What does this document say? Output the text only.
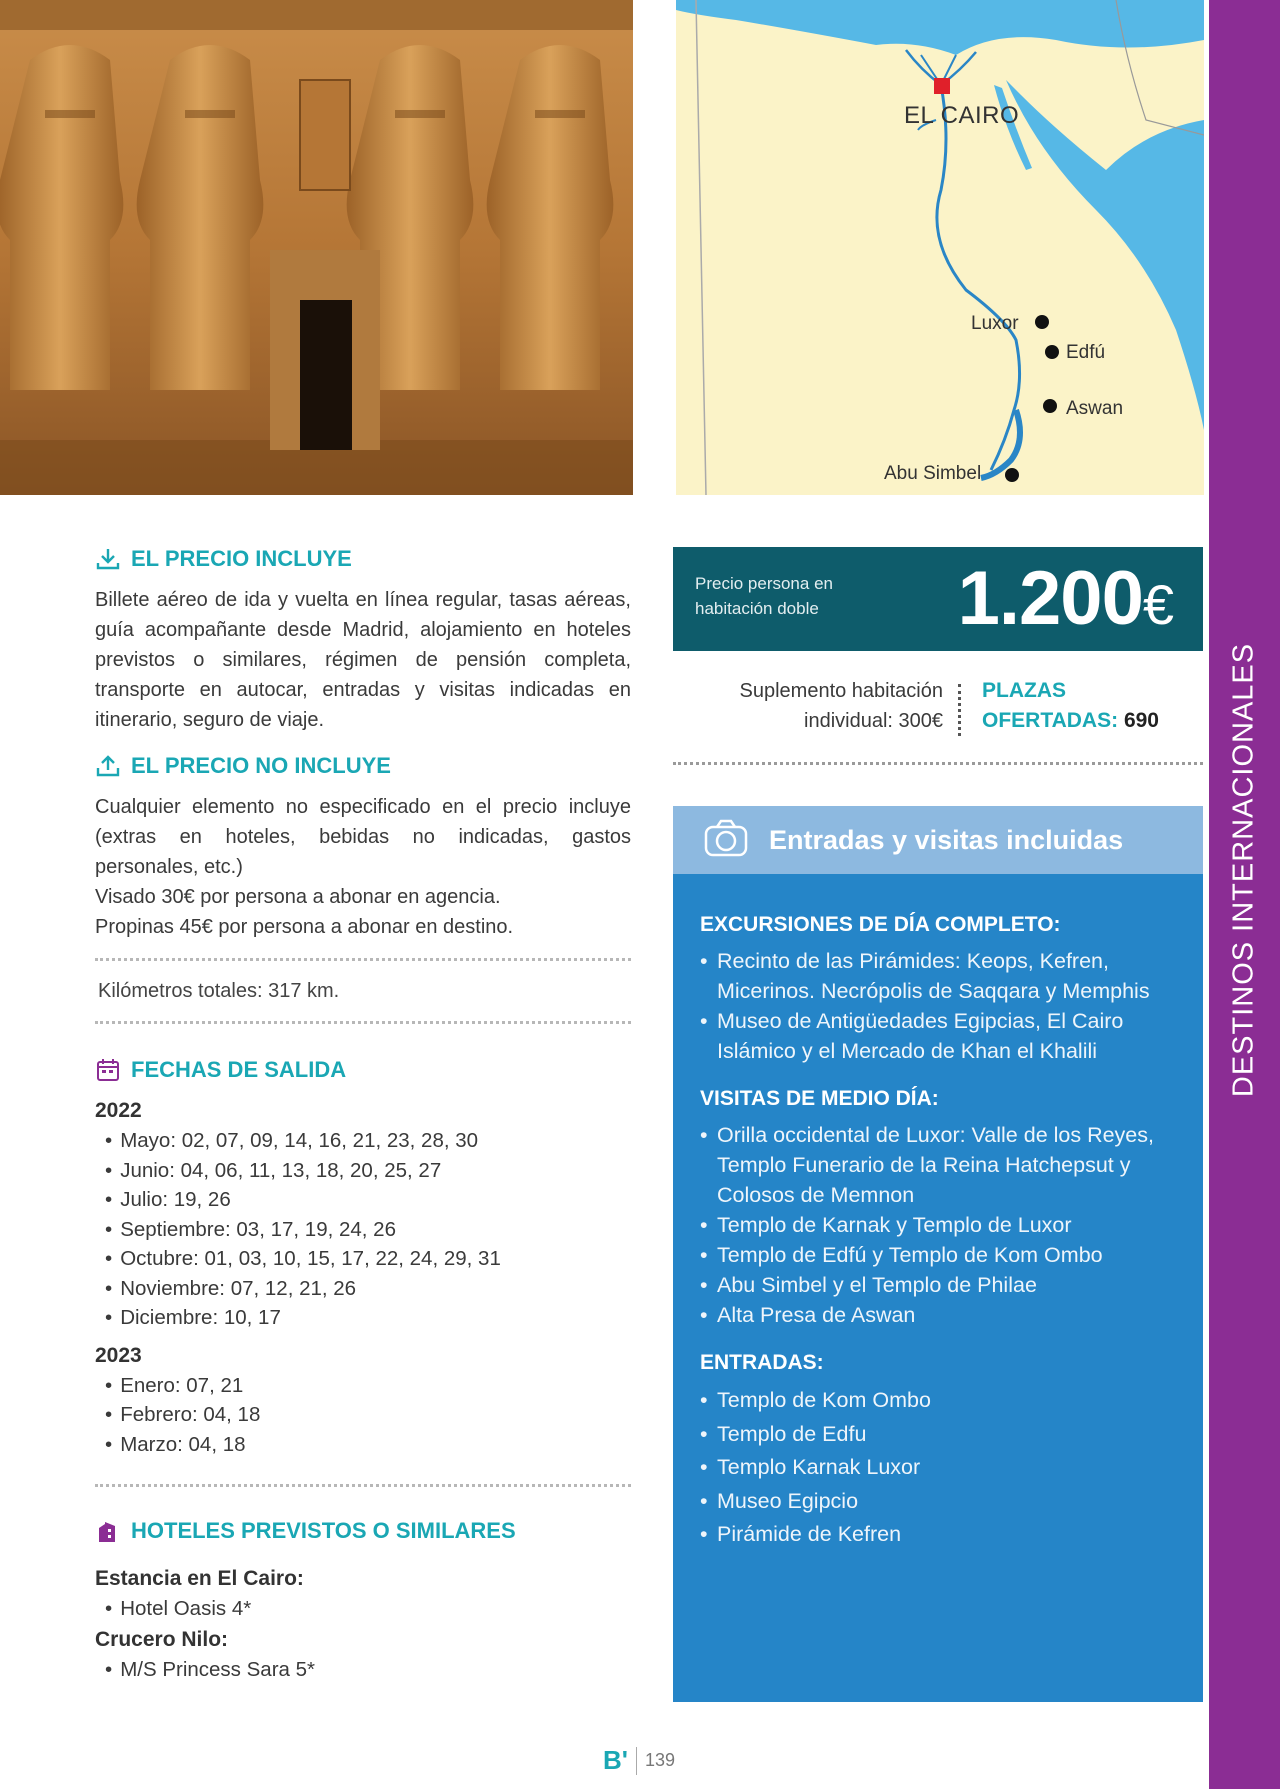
EL CAIRO
Luxor
Edfú
Aswan
Abu Simbel
DESTINOS INTERNACIONALES
EL PRECIO INCLUYE
Billete aéreo de ida y vuelta en línea regular, tasas aéreas, guía acompañante desde Madrid, alojamiento en hoteles previstos o similares, régimen de pensión completa, transporte en autocar, entradas y visitas indicadas en itinerario, seguro de viaje.
EL PRECIO NO INCLUYE

Cualquier elemento no especificado en el precio incluye (extras en hoteles, bebidas no indicadas, gastos personales, etc.)

Visado 30€ por persona a abonar en agencia.

Propinas 45€ por persona a abonar en destino.

Kilómetros totales: 317 km.
FECHAS DE SALIDA
2022
• Mayo: 02, 07, 09, 14, 16, 21, 23, 28, 30
• Junio: 04, 06, 11, 13, 18, 20, 25, 27
• Julio: 19, 26
• Septiembre: 03, 17, 19, 24, 26
• Octubre: 01, 03, 10, 15, 17, 22, 24, 29, 31
• Noviembre: 07, 12, 21, 26
• Diciembre: 10, 17
2023
• Enero: 07, 21
• Febrero: 04, 18
• Marzo: 04, 18
HOTELES PREVISTOS O SIMILARES
Estancia en El Cairo:
• Hotel Oasis 4*
Crucero Nilo:
• M/S Princess Sara 5*
Precio persona en habitación doble	1.200€
Suplemento habitación
individual: 300€
PLAZAS
OFERTADAS: 690
Entradas y visitas incluidas
EXCURSIONES DE DÍA COMPLETO:
• Recinto de las Pirámides: Keops, Kefren, Micerinos. Necrópolis de Saqqara y Memphis
• Museo de Antigüedades Egipcias, El Cairo Islámico y el Mercado de Khan el Khalili
VISITAS DE MEDIO DÍA:
• Orilla occidental de Luxor: Valle de los Reyes, Templo Funerario de la Reina Hatchepsut y Colosos de Memnon
• Templo de Karnak y Templo de Luxor
• Templo de Edfú y Templo de Kom Ombo
• Abu Simbel y el Templo de Philae
• Alta Presa de Aswan
ENTRADAS:
• Templo de Kom Ombo
• Templo de Edfu
• Templo Karnak Luxor
• Museo Egipcio
• Pirámide de Kefren
B' 139
